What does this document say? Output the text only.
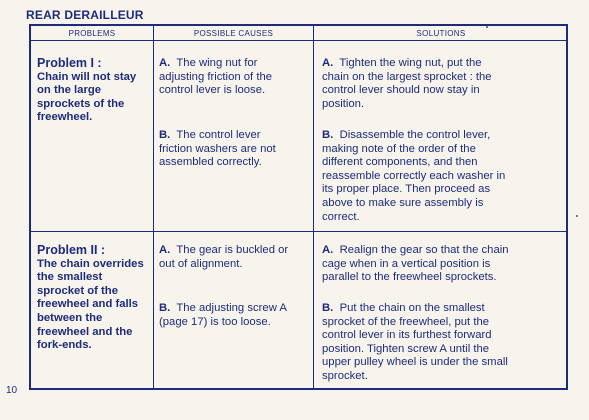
REAR DERAILLEUR
PROBLEMS	POSSIBLE CAUSES	SOLUTIONS
Problem I :
Chain will not stay
on the large
sprockets of the
freewheel.
A. The wing nut for
adjusting friction of the
control lever is loose.
B. The control lever
friction washers are not
assembled correctly.
A. Tighten the wing nut, put the
chain on the largest sprocket : the
control lever should now stay in
position.
B. Disassemble the control lever,
making note of the order of the
different components, and then
reassemble correctly each washer in
its proper place. Then proceed as
above to make sure assembly is
correct.
Problem II :
The chain overrides
the smallest
sprocket of the
freewheel and falls
between the
freewheel and the
fork-ends.
A. The gear is buckled or
out of alignment.
B. The adjusting screw A
(page 17) is too loose.
A. Realign the gear so that the chain
cage when in a vertical position is
parallel to the freewheel sprockets.
B. Put the chain on the smallest
sprocket of the freewheel, put the
control lever in its furthest forward
position. Tighten screw A until the
upper pulley wheel is under the small
sprocket.
10
